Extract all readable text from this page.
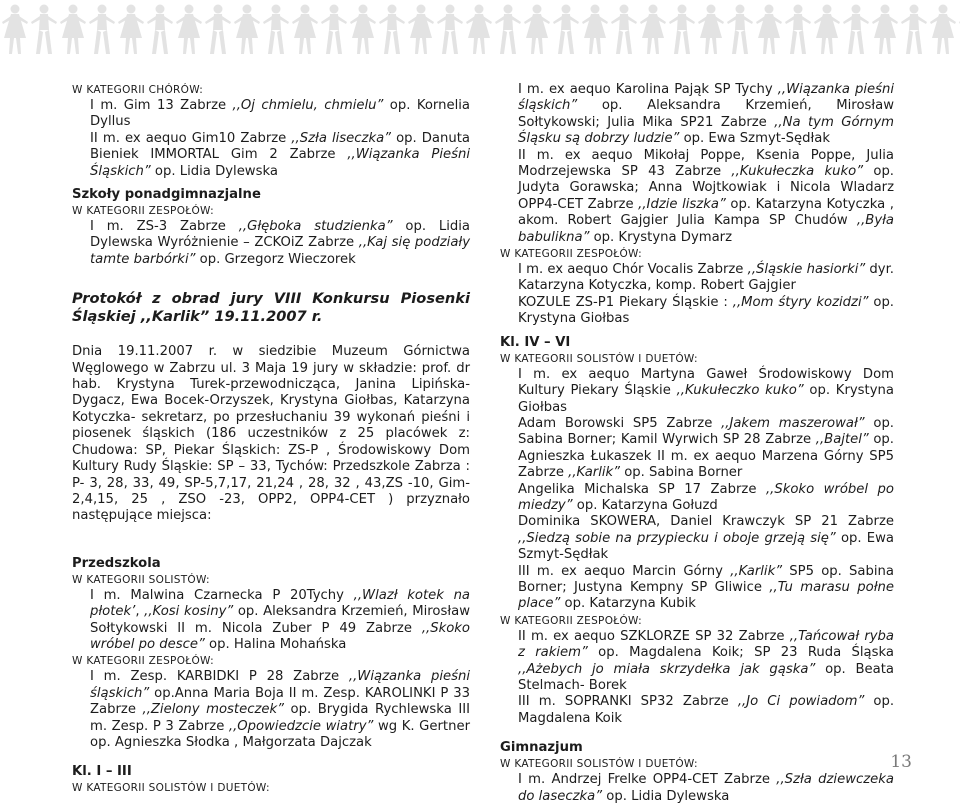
W KATEGORII CHÓRÓW:
I m. Gim 13 Zabrze ,,Oj chmielu, chmielu” op. Kornelia Dyllus
II m. ex aequo Gim10 Zabrze ,,Szła liseczka” op. Danuta Bieniek IMMORTAL Gim 2 Zabrze ,,Wiązanka Pieśni Śląskich” op. Lidia Dylewska
Szkoły ponadgimnazjalne
W KATEGORII ZESPOŁÓW:
I m. ZS-3 Zabrze ,,Głęboka studzienka” op. Lidia Dylewska Wyróżnienie – ZCKOiZ Zabrze ,,Kaj się podziały tamte barbórki” op. Grzegorz Wieczorek
Protokół z obrad jury VIII Konkursu Piosenki Śląskiej ,,Karlik” 19.11.2007 r.
Dnia 19.11.2007 r. w siedzibie Muzeum Górnictwa Węglowego w Zabrzu ul. 3 Maja 19 jury w składzie: prof. dr hab. Krystyna Turek-przewodnicząca, Janina Lipińska-Dygacz, Ewa Bocek-Orzyszek, Krystyna Giołbas, Katarzyna Kotyczka- sekretarz, po przesłuchaniu 39 wykonań pieśni i piosenek śląskich (186 uczestników z 25 placówek z: Chudowa: SP, Piekar Śląskich: ZS-P , Środowiskowy Dom Kultury Rudy Śląskie: SP – 33, Tychów: Przedszkole Zabrza : P- 3, 28, 33, 49, SP-5,7,17, 21,24 , 28, 32 , 43,ZS -10, Gim- 2,4,15, 25 , ZSO -23, OPP2, OPP4-CET ) przyznało następujące miejsca:
Przedszkola
W KATEGORII SOLISTÓW:
I m. Malwina Czarnecka P 20Tychy ,,Wlazł kotek na płotek’, ,,Kosi kosiny” op. Aleksandra Krzemień, Mirosław Sołtykowski II m. Nicola Zuber P 49 Zabrze ,,Skoko wróbel po desce” op. Halina Mohańska
W KATEGORII ZESPOŁÓW:
I m. Zesp. KARBIDKI P 28 Zabrze ,,Wiązanka pieśni śląskich” op.Anna Maria Boja II m. Zesp. KAROLINKI P 33 Zabrze ,,Zielony mosteczek” op. Brygida Rychlewska III m. Zesp. P 3 Zabrze ,,Opowiedzcie wiatry” wg K. Gertner op. Agnieszka Słodka , Małgorzata Dajczak
Kl. I – III
W KATEGORII SOLISTÓW I DUETÓW:
I m. ex aequo Karolina Pająk SP Tychy ,,Wiązanka pieśni śląskich” op. Aleksandra Krzemień, Mirosław Sołtykowski; Julia Mika SP21 Zabrze ,,Na tym Górnym Śląsku są dobrzy ludzie” op. Ewa Szmyt-Sędłak
II m. ex aequo Mikołaj Poppe, Ksenia Poppe, Julia Modrzejewska SP 43 Zabrze ,,Kukułeczka kuko” op. Judyta Gorawska; Anna Wojtkowiak i Nicola Wladarz OPP4-CET Zabrze ,,Idzie liszka” op. Katarzyna Kotyczka , akom. Robert Gajgier Julia Kampa SP Chudów ,,Była babulikna” op. Krystyna Dymarz
W KATEGORII ZESPOŁÓW:
I m. ex aequo Chór Vocalis Zabrze ,,Śląskie hasiorki” dyr. Katarzyna Kotyczka, komp. Robert Gajgier
KOZULE ZS-P1 Piekary Śląskie : ,,Mom śtyry kozidzi” op. Krystyna Giołbas
Kl. IV – VI
W KATEGORII SOLISTÓW I DUETÓW:
I m. ex aequo Martyna Gaweł Środowiskowy Dom Kultury Piekary Śląskie ,,Kukułeczko kuko” op. Krystyna Giołbas
Adam Borowski SP5 Zabrze ,,Jakem maszerował” op. Sabina Borner; Kamil Wyrwich SP 28 Zabrze ,,Bajtel” op. Agnieszka Łukaszek II m. ex aequo Marzena Górny SP5 Zabrze ,,Karlik” op. Sabina Borner
Angelika Michalska SP 17 Zabrze ,,Skoko wróbel po miedzy” op. Katarzyna Gołuzd
Dominika SKOWERA, Daniel Krawczyk SP 21 Zabrze ,,Siedzą sobie na przypiecku i oboje grzeją się” op. Ewa Szmyt-Sędłak
III m. ex aequo Marcin Górny ,,Karlik” SP5 op. Sabina Borner; Justyna Kempny SP Gliwice ,,Tu marasu połne place” op. Katarzyna Kubik
W KATEGORII ZESPOŁÓW:
II m. ex aequo SZKLORZE SP 32 Zabrze ,,Tańcował ryba z rakiem” op. Magdalena Koik; SP 23 Ruda Śląska ,,Ażebych jo miała skrzydełka jak gąska” op. Beata Stelmach- Borek
III m. SOPRANKI SP32 Zabrze ,,Jo Ci powiadom” op. Magdalena Koik
Gimnazjum
W KATEGORII SOLISTÓW I DUETÓW:
I m. Andrzej Frelke OPP4-CET Zabrze ,,Szła dziewczeka do laseczka” op. Lidia Dylewska
13
